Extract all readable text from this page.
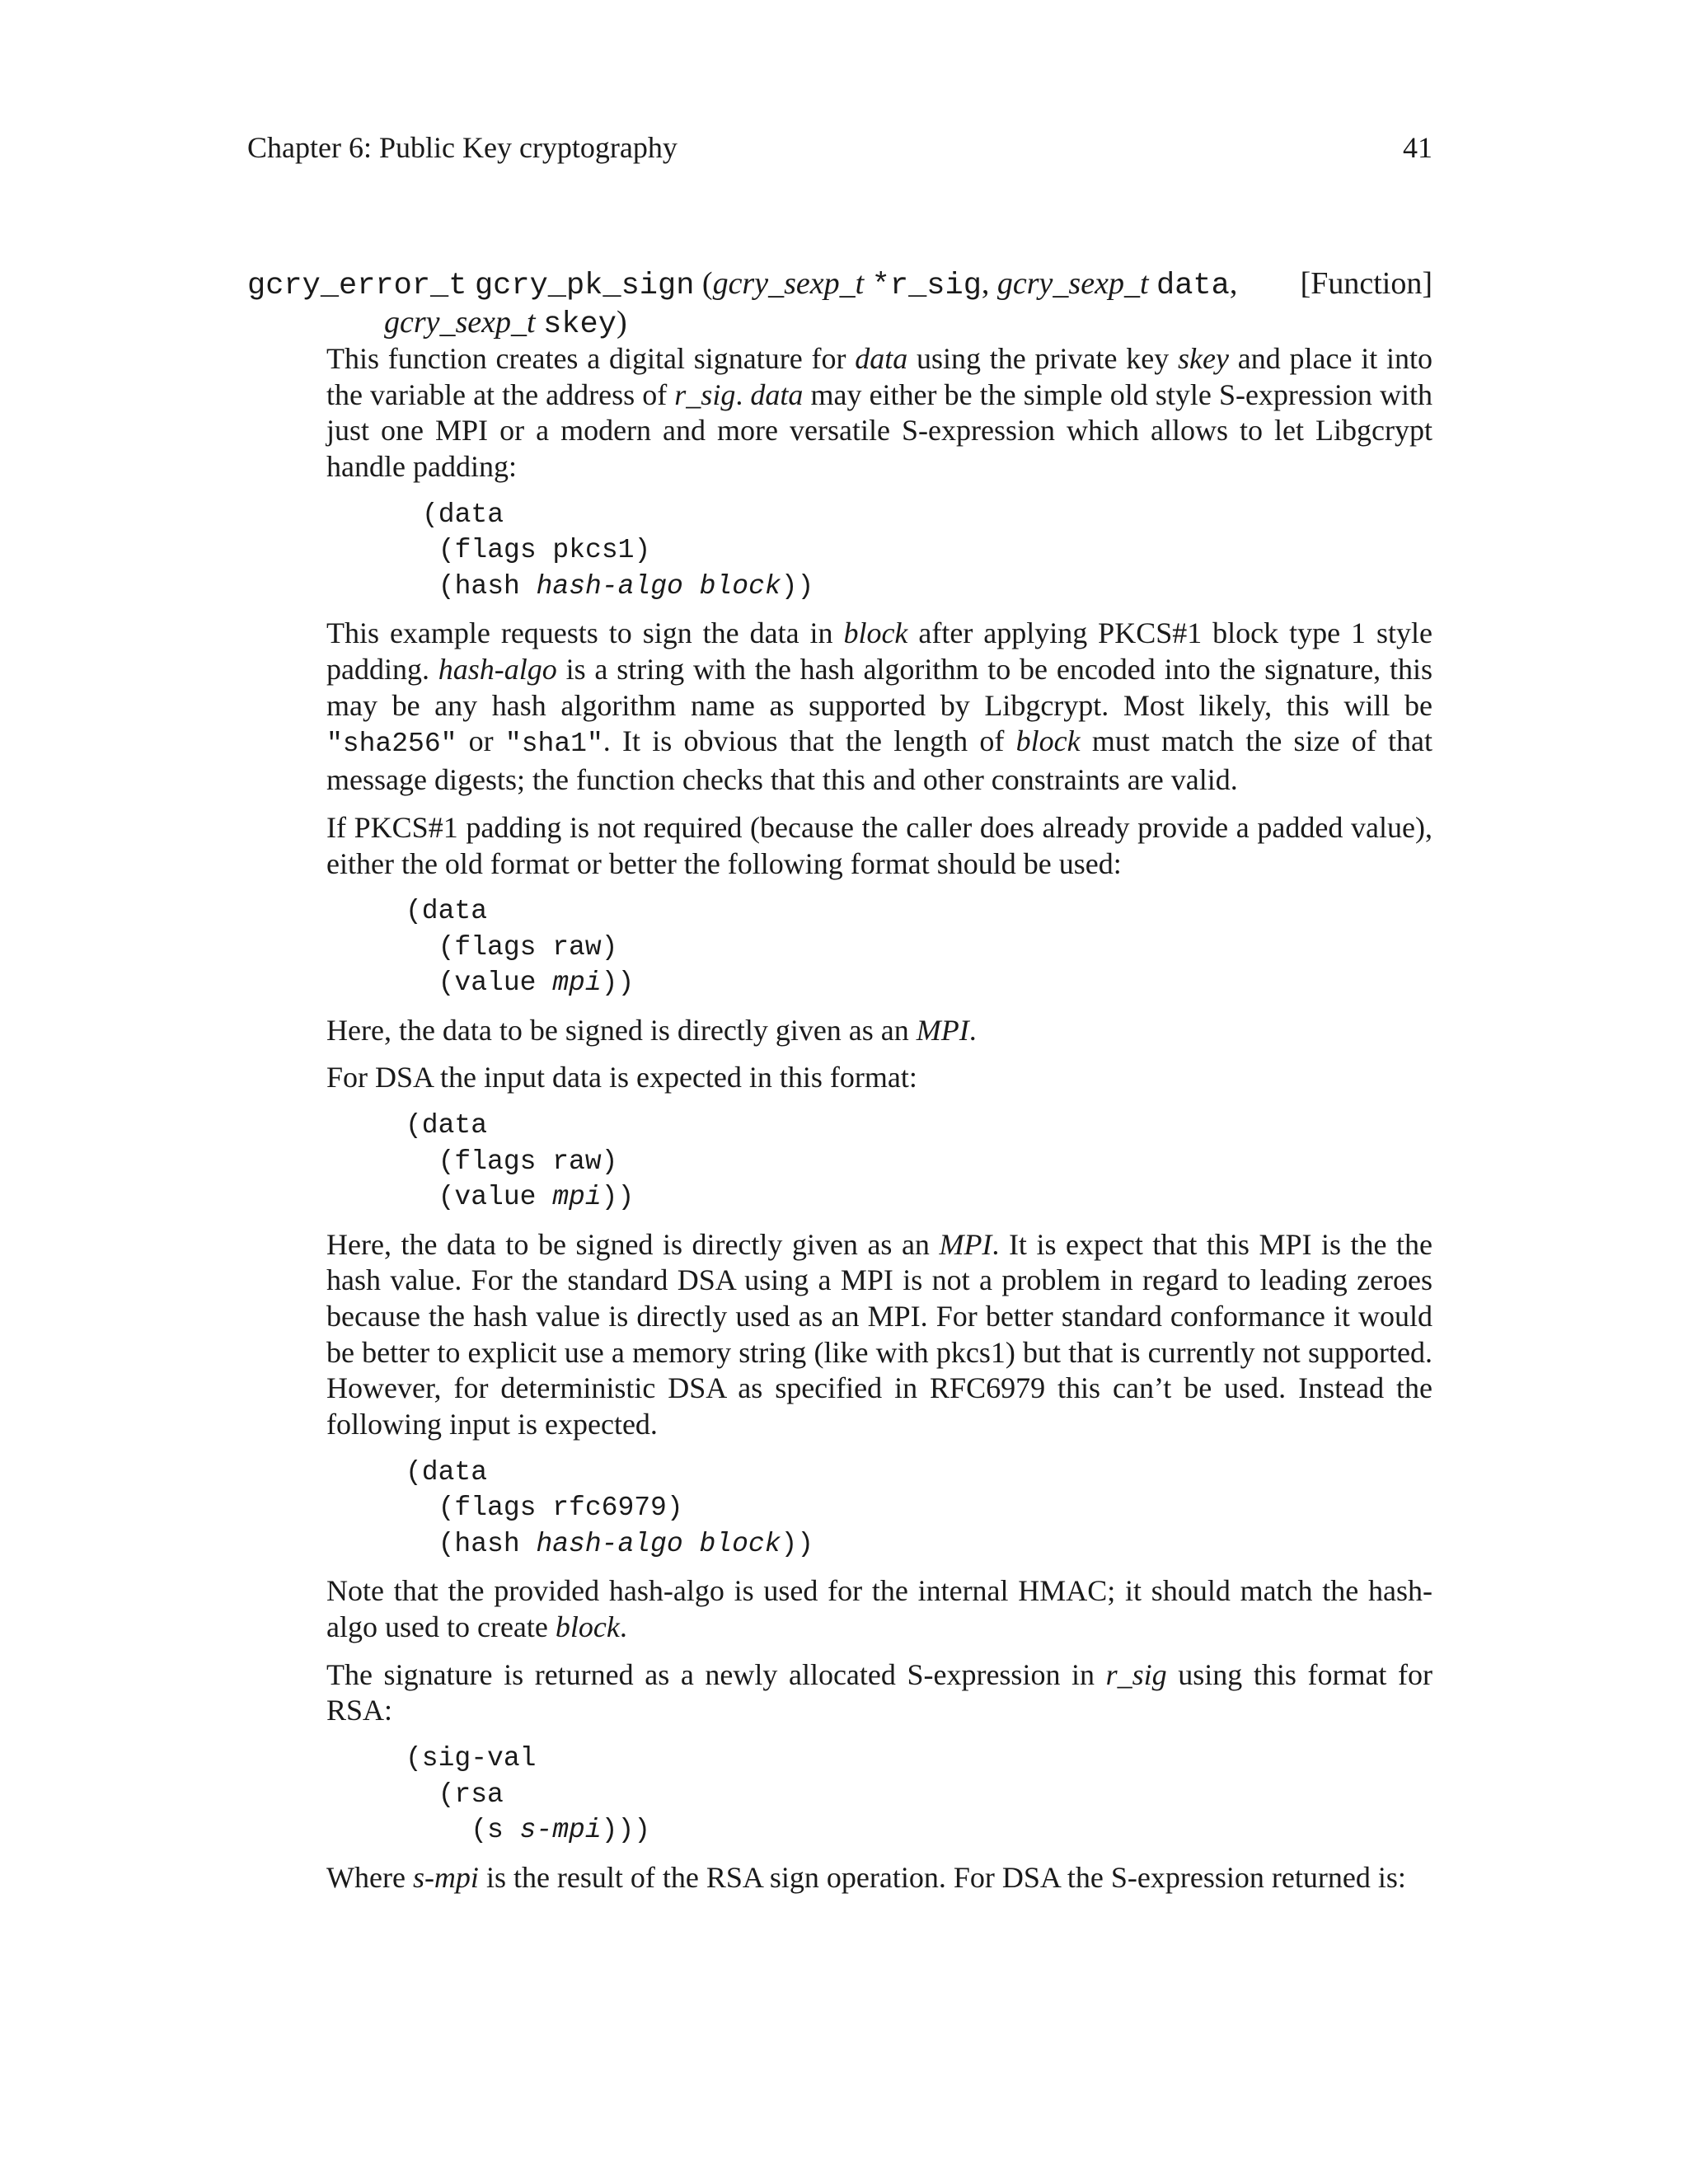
Chapter 6: Public Key cryptography	41
gcry_error_t gcry_pk_sign (gcry_sexp_t *r_sig, gcry_sexp_t data,	[Function]
gcry_sexp_t skey)

This function creates a digital signature for data using the private key skey and place it into the variable at the address of r_sig. data may either be the simple old style S-expression with just one MPI or a modern and more versatile S-expression which allows to let Libgcrypt handle padding:

(data
(flags pkcs1)
(hash hash-algo block))

This example requests to sign the data in block after applying PKCS#1 block type 1 style padding. hash-algo is a string with the hash algorithm to be encoded into the signature, this may be any hash algorithm name as supported by Libgcrypt. Most likely, this will be "sha256" or "sha1". It is obvious that the length of block must match the size of that message digests; the function checks that this and other constraints are valid.

If PKCS#1 padding is not required (because the caller does already provide a padded value), either the old format or better the following format should be used:

(data
(flags raw)
(value mpi))

Here, the data to be signed is directly given as an MPI.

For DSA the input data is expected in this format:

(data
(flags raw)
(value mpi))

Here, the data to be signed is directly given as an MPI. It is expect that this MPI is the the hash value. For the standard DSA using a MPI is not a problem in regard to leading zeroes because the hash value is directly used as an MPI. For better standard conformance it would be better to explicit use a memory string (like with pkcs1) but that is currently not supported. However, for deterministic DSA as specified in RFC6979 this can’t be used. Instead the following input is expected.

(data
(flags rfc6979)
(hash hash-algo block))

Note that the provided hash-algo is used for the internal HMAC; it should match the hash-algo used to create block.

The signature is returned as a newly allocated S-expression in r_sig using this format for RSA:

(sig-val
(rsa
(s s-mpi)))

Where s-mpi is the result of the RSA sign operation. For DSA the S-expression returned is:
